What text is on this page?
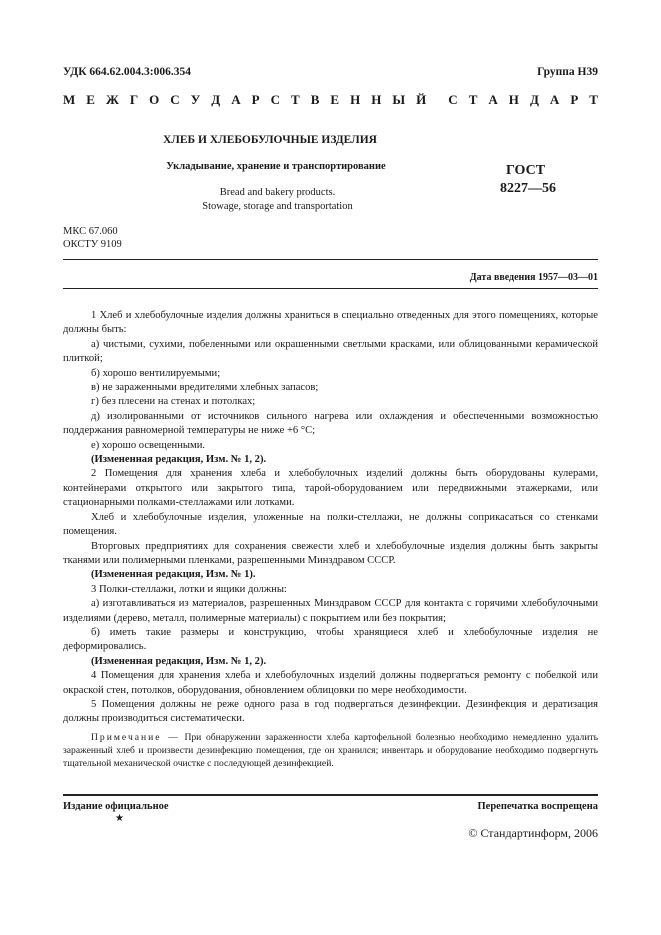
УДК 664.62.004.3:006.354	Группа Н39
М Е Ж Г О С У Д А Р С Т В Е Н Н Ы Й С Т А Н Д А Р Т
ХЛЕБ И ХЛЕБОБУЛОЧНЫЕ ИЗДЕЛИЯ
Укладывание, хранение и транспортирование
Bread and bakery products.
Stowage, storage and transportation
ГОСТ
8227—56
МКС 67.060
ОКСТУ 9109
Дата введения 1957—03—01

1 Хлеб и хлебобулочные изделия должны храниться в специально отведенных для этого помещениях, которые должны быть:

а) чистыми, сухими, побеленными или окрашенными светлыми красками, или облицованными керамической плиткой;

б) хорошо вентилируемыми;

в) не зараженными вредителями хлебных запасов;

г) без плесени на стенах и потолках;

д) изолированными от источников сильного нагрева или охлаждения и обеспеченными возможностью поддержания равномерной температуры не ниже +6 °С;

е) хорошо освещенными.

(Измененная редакция, Изм. № 1, 2).

2 Помещения для хранения хлеба и хлебобулочных изделий должны быть оборудованы кулерами, контейнерами открытого или закрытого типа, тарой-оборудованием или передвижными этажерками, или стационарными полками-стеллажами или лотками.

Хлеб и хлебобулочные изделия, уложенные на полки-стеллажи, не должны соприкасаться со стенками помещения.

Вторговых предприятиях для сохранения свежести хлеб и хлебобулочные изделия должны быть закрыты тканями или полимерными пленками, разрешенными Минздравом СССР.

(Измененная редакция, Изм. № 1).

3 Полки-стеллажи, лотки и ящики должны:

а) изготавливаться из материалов, разрешенных Минздравом СССР для контакта с горячими хлебобулочными изделиями (дерево, металл, полимерные материалы) с покрытием или без покрытия;

б) иметь такие размеры и конструкцию, чтобы хранящиеся хлеб и хлебобулочные изделия не деформировались.

(Измененная редакция, Изм. № 1, 2).

4 Помещения для хранения хлеба и хлебобулочных изделий должны подвергаться ремонту с побелкой или окраской стен, потолков, оборудования, обновлением облицовки по мере необходимости.

5 Помещения должны не реже одного раза в год подвергаться дезинфекции. Дезинфекция и дератизация должны производиться систематически.

Примечание — При обнаружении зараженности хлеба картофельной болезнью необходимо немедленно удалить зараженный хлеб и произвести дезинфекцию помещения, где он хранился; инвентарь и оборудование необходимо подвергнуть тщательной механической очистке с последующей дезинфекцией.

Издание официальное	Перепечатка воспрещена
★
© Стандартинформ, 2006
